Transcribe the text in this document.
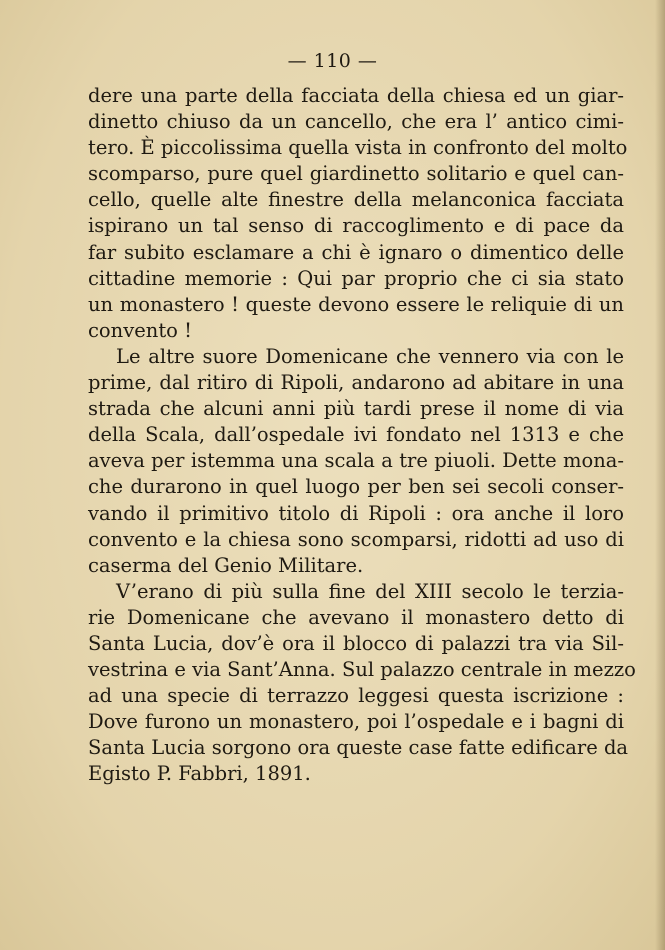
— 110 —
dere una parte della facciata della chiesa ed un giar-
dinetto chiuso da un cancello, che era l’ antico cimi-
tero. È piccolissima quella vista in confronto del molto
scomparso, pure quel giardinetto solitario e quel can-
cello, quelle alte finestre della melanconica facciata
ispirano un tal senso di raccoglimento e di pace da
far subito esclamare a chi è ignaro o dimentico delle
cittadine memorie : Qui par proprio che ci sia stato
un monastero ! queste devono essere le reliquie di un
convento !
Le altre suore Domenicane che vennero via con le
prime, dal ritiro di Ripoli, andarono ad abitare in una
strada che alcuni anni più tardi prese il nome di via
della Scala, dall’ospedale ivi fondato nel 1313 e che
aveva per istemma una scala a tre piuoli. Dette mona-
che durarono in quel luogo per ben sei secoli conser-
vando il primitivo titolo di Ripoli : ora anche il loro
convento e la chiesa sono scomparsi, ridotti ad uso di
caserma del Genio Militare.
V’erano di più sulla fine del XIII secolo le terzia-
rie Domenicane che avevano il monastero detto di
Santa Lucia, dov’è ora il blocco di palazzi tra via Sil-
vestrina e via Sant’Anna. Sul palazzo centrale in mezzo
ad una specie di terrazzo leggesi questa iscrizione :
Dove furono un monastero, poi l’ospedale e i bagni di
Santa Lucia sorgono ora queste case fatte edificare da
Egisto P. Fabbri, 1891.
